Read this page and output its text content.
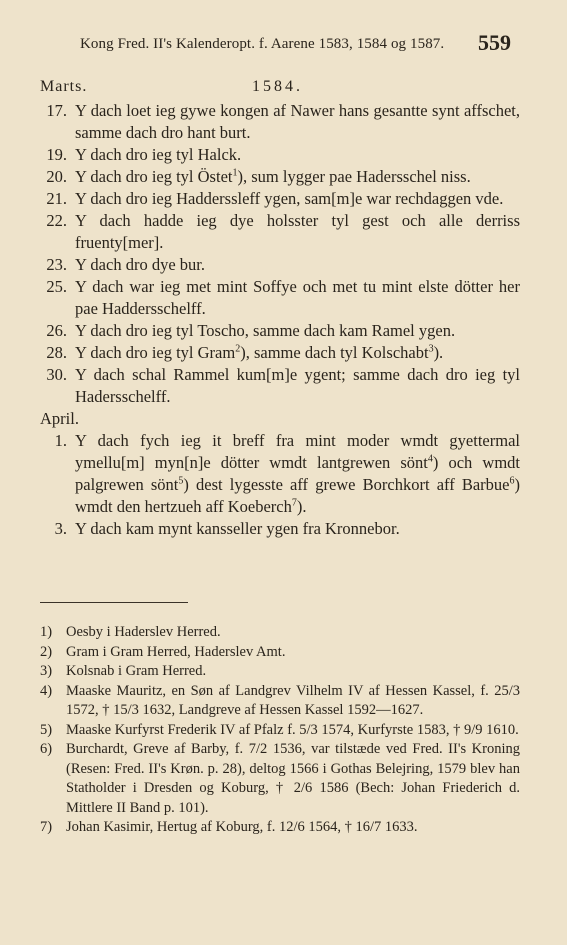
Kong Fred. II's Kalenderopt. f. Aarene 1583, 1584 og 1587.	559
Marts.	1584.
17. Y dach loet ieg gywe kongen af Nawer hans gesantte synt affschet, samme dach dro hant burt.
19. Y dach dro ieg tyl Halck.
20. Y dach dro ieg tyl Östet$^1$), sum lygger pae Hadersschel niss.
21. Y dach dro ieg Hadderssleff ygen, sam[m]e war rechdaggen vde.
22. Y dach hadde ieg dye holsster tyl gest och alle derriss fruenty[mer].
23. Y dach dro dye bur.
25. Y dach war ieg met mint Soffye och met tu mint elste dötter her pae Haddersschelff.
26. Y dach dro ieg tyl Toscho, samme dach kam Ramel ygen.
28. Y dach dro ieg tyl Gram$^2$), samme dach tyl Kolschabt$^3$).
30. Y dach schal Rammel kum[m]e ygent; samme dach dro ieg tyl Hadersschelff.
April.
1. Y dach fych ieg it breff fra mint moder wmdt gyettermal ymellu[m] myn[n]e dötter wmdt lantgrewen sönt$^4$) och wmdt palgrewen sönt$^5$) dest lygesste aff grewe Borchkort aff Barbue$^6$) wmdt den hertzueh aff Koeberch$^7$).
3. Y dach kam mynt kansseller ygen fra Kronnebor.
1) Oesby i Haderslev Herred.
2) Gram i Gram Herred, Haderslev Amt.
3) Kolsnab i Gram Herred.
4) Maaske Mauritz, en Søn af Landgrev Vilhelm IV af Hessen Kassel, f. 25/3 1572, † 15/3 1632, Landgreve af Hessen Kassel 1592—1627.
5) Maaske Kurfyrst Frederik IV af Pfalz f. 5/3 1574, Kurfyrste 1583, † 9/9 1610.
6) Burchardt, Greve af Barby, f. 7/2 1536, var tilstæde ved Fred. II's Kroning (Resen: Fred. II's Krøn. p. 28), deltog 1566 i Gothas Belejring, 1579 blev han Statholder i Dresden og Koburg, † 2/6 1586 (Bech: Johan Friederich d. Mittlere II Band p. 101).
7) Johan Kasimir, Hertug af Koburg, f. 12/6 1564, † 16/7 1633.
